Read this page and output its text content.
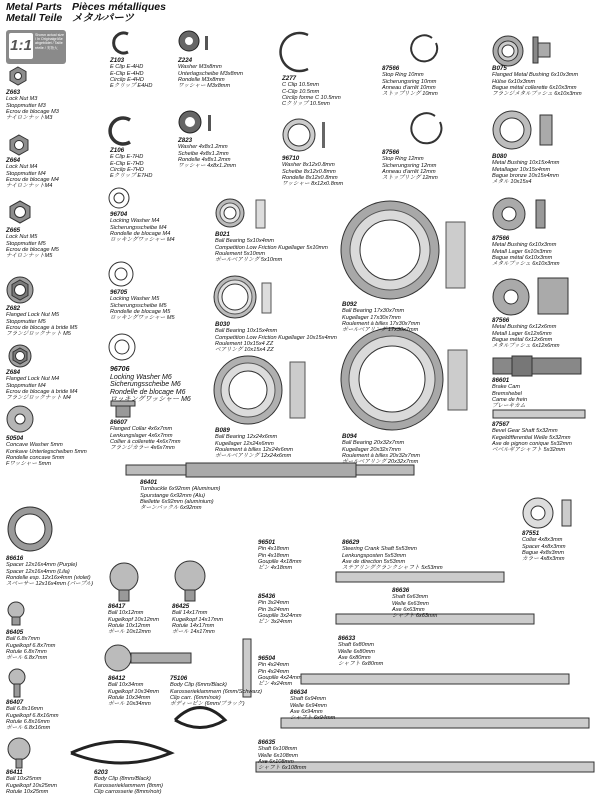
Metal Parts
Metall Teile
Pièces métalliques
メタルパーツ
1:1
Shown actual size / In Originalgröße abgebildet / Taille réelle / 実物大
Z663
Lock Nut M3
Stoppmutter M3
Ecrou de blocage M3
ナイロンナットM3
Z664
Lock Nut M4
Stoppmutter M4
Ecrou de blocage M4
ナイロンナットM4
Z665
Lock Nut M5
Stoppmutter M5
Ecrou de blocage M5
ナイロンナットM5
Z682
Flanged Lock Nut M5
Stoppmutter M5
Ecrou de blocage à bride M5
フランジロックナット M5
Z684
Flanged Lock Nut M4
Stoppmutter M4
Ecrou de blocage à bride M4
フランジロックナット M4
50504
Concave Washer 5mm
Konkave Unterlegscheiben 5mm
Rondelle concave 5mm
Fワッシャー 5mm
Z103
E Clip E-4HD
E-Clip E-4HD
Circlip E-4HD
Eクリップ E4HD
Z106
E Clip E-7HD
E-Clip E-7HD
Circlip E-7HD
Eクリップ E7HD
96704
Locking Washer M4
Sicherungsscheibe M4
Rondelle de blocage M4
ロッキングワッシャー M4
96705
Locking Washer M5
Sicherungsscheibe M5
Rondelle de blocage M5
ロッキングワッシャー M5
96706
Locking Washer M6
Sicherungsscheibe M6
Rondelle de blocage M6
ロッキングワッシャー M6
86607
Flanged Collar 4x6x7mm
Lenkungslager 4x6x7mm
Collier à collerette 4x6x7mm
フランジカラー 4x6x7mm
Z224
Washer M3x8mm
Unterlagscheibe M3x8mm
Rondelle M3x8mm
ワッシャー M3x8mm
Z823
Washer 4x8x1.2mm
Scheibe 4x8x1.2mm
Rondelle 4x8x1.2mm
ワッシャー 4x8x1.2mm
Z277
C Clip 10.5mm
C-Clip 10.5mm
Circlip forme C 10.5mm
Cクリップ 10.5mm
96710
Washer 8x12x0.8mm
Scheibe 8x12x0.8mm
Rondelle 8x12x0.8mm
ワッシャー 8x12x0.8mm
87566
Stop Ring 10mm
Sicherungsring 10mm
Anneau d'arrêt 10mm
ストップリング 10mm
87566
Stop Ring 12mm
Sicherungsring 12mm
Anneau d'arrêt 12mm
ストップリング 12mm
B075
Flanged Metal Bushing 6x10x3mm
Hülse 6x10x3mm
Bague métal collerette 6x10x3mm
フランジメタルブッシュ 6x10x3mm
B080
Metal Bushing 10x15x4mm
Metallager 10x15x4mm
Bague bronze 10x15x4mm
メタル 10x15x4
87566
Metal Bushing 6x10x3mm
Metall Lager 6x10x3mm
Bague métal 6x10x3mm
メタルブッシュ 6x10x3mm
87566
Metal Bushing 6x12x6mm
Metall Lager 6x12x6mm
Bague métal 6x12x6mm
メタルブッシュ 6x12x6mm
86601
Brake Cam
Bremshebel
Came de frein
ブレーキカム
87567
Bevel Gear Shaft 5x32mm
Kegeldifferential Welle 5x32mm
Axe de pignon conique 5x32mm
ベベルギアシャフト 5x32mm
B021
Ball Bearing 5x10x4mm
Competition Low Friction Kugellager 5x10mm
Roulement 5x10mm
ボールベアリング 5x10mm
B030
Ball Bearing 10x15x4mm
Competition Low Friction Kugellager 10x15x4mm
Roulement 10x15x4 ZZ
ベアリング 10x15x4 ZZ
B089
Ball Bearing 12x24x6mm
Kugellager 12x24x6mm
Roulement à billes 12x24x6mm
ボールベアリング 12x24x6mm
B092
Ball Bearing 17x30x7mm
Kugellager 17x30x7mm
Roulement à billes 17x30x7mm
ボールベアリング 17x30x7mm
B094
Ball Bearing 20x32x7mm
Kugellager 20x32x7mm
Roulement à billes 20x32x7mm
ボールベアリング 20x32x7mm
86401
Turnbuckle 6x92mm (Aluminum)
Spurstange 6x92mm (Alu)
Biellette 6x92mm (aluminium)
ターンバックル 6x92mm
87551
Collar 4x8x3mm
Spacer 4x8x3mm
Bague 4x8x3mm
カラー 4x8x3mm
86616
Spacer 12x16x4mm (Purple)
Spacer 12x16x4mm (Lila)
Rondelle esp. 12x16x4mm (violet)
スペーサー 12x16x4mm (パープル)
86417
Ball 10x12mm
Kugelkopf 10x12mm
Rotule 10x12mm
ボール 10x12mm
86425
Ball 14x17mm
Kugelkopf 14x17mm
Rotule 14x17mm
ボール 14x17mm
96501
Pin 4x18mm
Pin 4x18mm
Goupille 4x18mm
ピン 4x18mm
85436
Pin 3x24mm
Pin 3x24mm
Goupille 3x24mm
ピン 3x24mm
96504
Pin 4x24mm
Pin 4x24mm
Goupille 4x24mm
ピン 4x24mm
86629
Steering Crank Shaft 5x53mm
Lenkungsposten 5x53mm
Axe de direction 5x53mm
ステアリングクランクシャフト 5x53mm
86636
Shaft 6x63mm
Welle 6x63mm
Axe 6x63mm
シャフト 6x63mm
86633
Shaft 6x80mm
Welle 6x80mm
Axe 6x80mm
シャフト 6x80mm
86634
Shaft 6x94mm
Welle 6x94mm
Axe 6x94mm
シャフト 6x94mm
86635
Shaft 6x108mm
Welle 6x108mm
Axe 6x108mm
シャフト 6x108mm
86405
Ball 6.8x7mm
Kugelkopf 6.8x7mm
Rotule 6.8x7mm
ボール 6.8x7mm
86407
Ball 6.8x16mm
Kugelkopf 6.8x16mm
Rotule 6.8x16mm
ボール 6.8x16mm
86412
Ball 10x34mm
Kugelkopf 10x34mm
Rotule 10x34mm
ボール 10x34mm
75106
Body Clip (6mm/Black)
Karosserieklammern (6mm/Schwarz)
Clip carr. (6mm/noir)
ボディーピン (6mm/ブラック)
86411
Ball 10x25mm
Kugelkopf 10x25mm
Rotule 10x25mm
6203
Body Clip (8mm/Black)
Karosserieklammern (8mm)
Clip carrosserie (8mm/noir)
